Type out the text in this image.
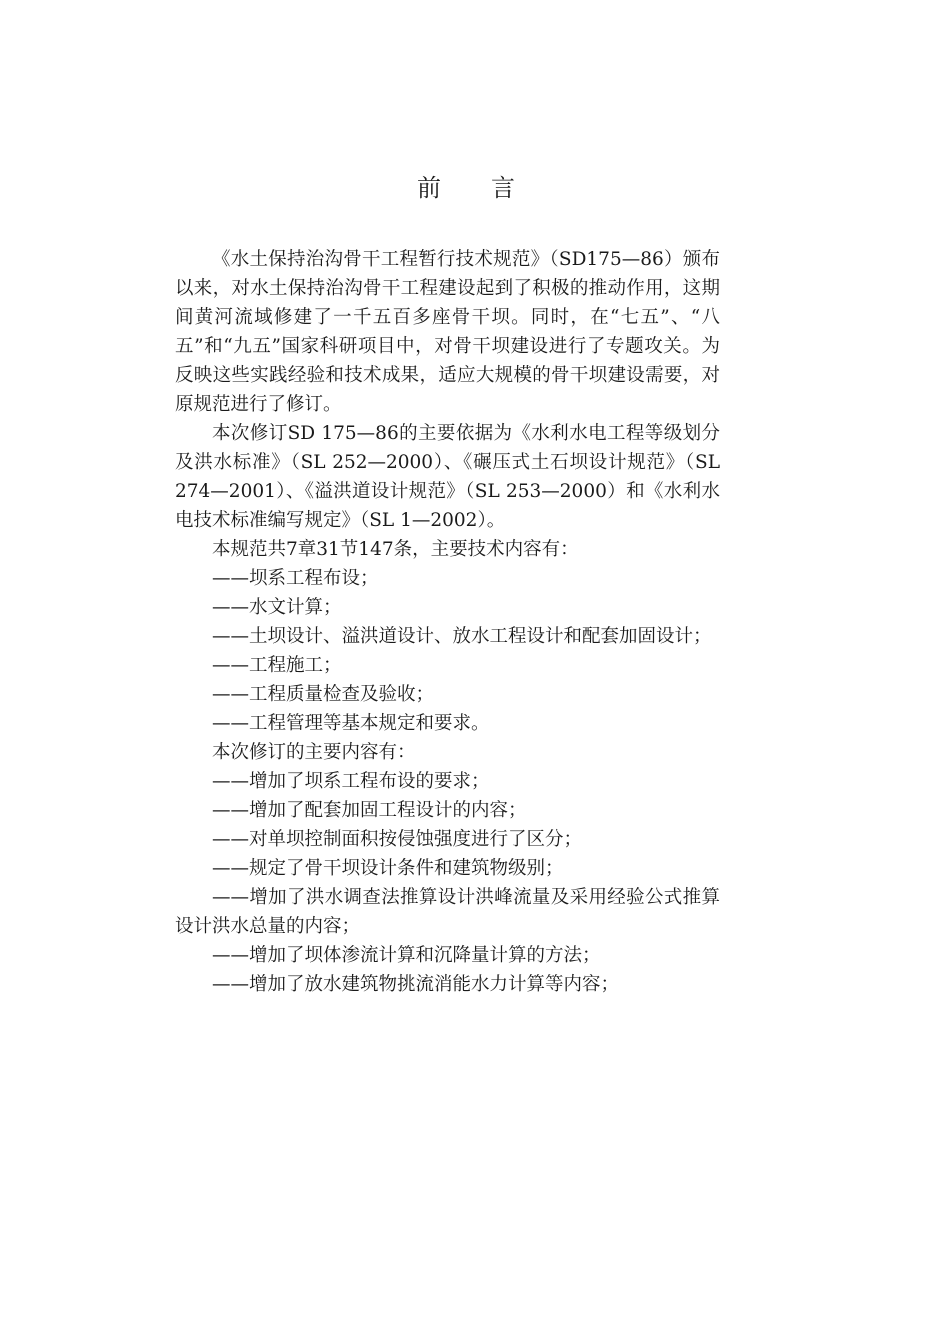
前言

《水土保持治沟骨干工程暂行技术规范》（SD175—86）颁布以来，对水土保持治沟骨干工程建设起到了积极的推动作用，这期间黄河流域修建了一千五百多座骨干坝。同时，在“七五”、“八五”和“九五”国家科研项目中，对骨干坝建设进行了专题攻关。为反映这些实践经验和技术成果，适应大规模的骨干坝建设需要，对原规范进行了修订。

本次修订SD 175—86的主要依据为《水利水电工程等级划分及洪水标准》（SL 252—2000）、《碾压式土石坝设计规范》（SL 274—2001）、《溢洪道设计规范》（SL 253—2000）和《水利水电技术标准编写规定》（SL 1—2002）。

本规范共7章31节147条，主要技术内容有：

——坝系工程布设；

——水文计算；

——土坝设计、溢洪道设计、放水工程设计和配套加固设计；

——工程施工；

——工程质量检查及验收；

——工程管理等基本规定和要求。

本次修订的主要内容有：

——增加了坝系工程布设的要求；

——增加了配套加固工程设计的内容；

——对单坝控制面积按侵蚀强度进行了区分；

——规定了骨干坝设计条件和建筑物级别；

——增加了洪水调查法推算设计洪峰流量及采用经验公式推算设计洪水总量的内容；

——增加了坝体渗流计算和沉降量计算的方法；

——增加了放水建筑物挑流消能水力计算等内容；
